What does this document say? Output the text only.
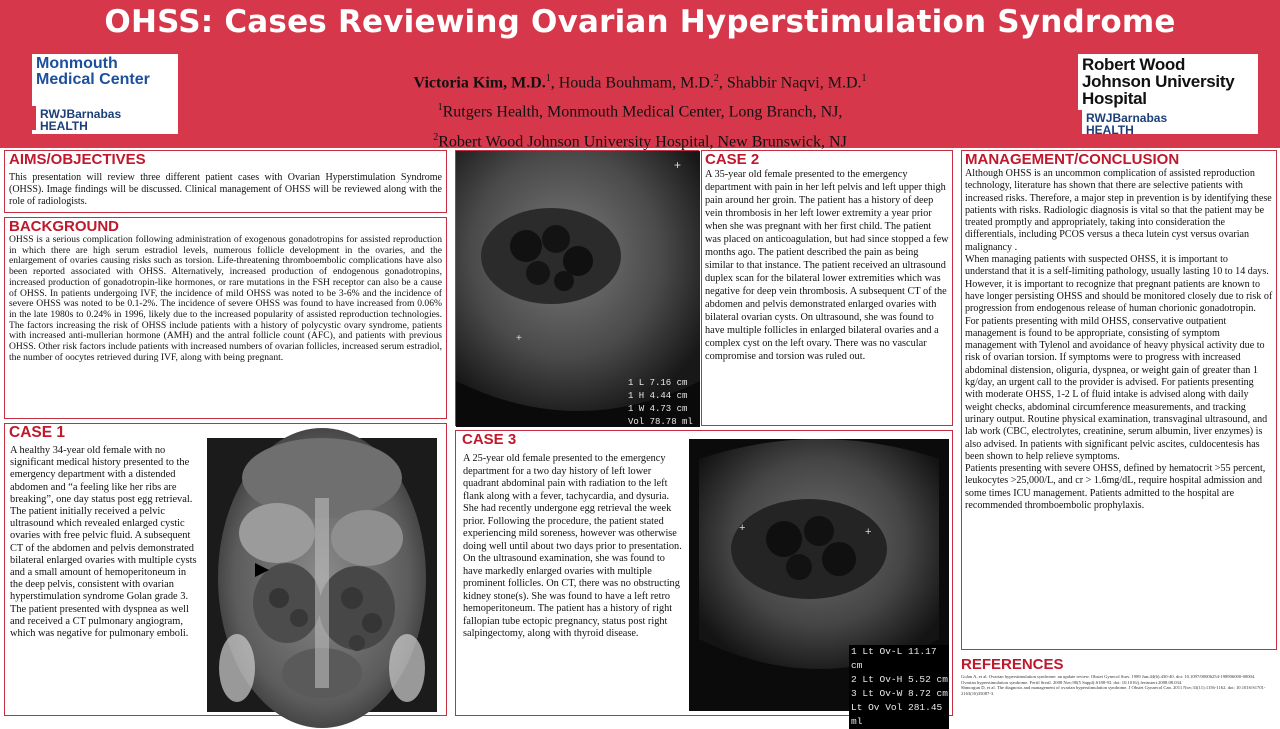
OHSS: Cases Reviewing Ovarian Hyperstimulation Syndrome
Monmouth Medical Center
RWJBarnabas HEALTH
Victoria Kim, M.D.$^1$, Houda Bouhmam, M.D.$^2$, Shabbir Naqvi, M.D.$^1$
$^1$Rutgers Health, Monmouth Medical Center, Long Branch, NJ,
$^2$Robert Wood Johnson University Hospital, New Brunswick, NJ
Robert Wood Johnson University Hospital
RWJBarnabas HEALTH
AIMS/OBJECTIVES

This presentation will review three different patient cases with Ovarian Hyperstimulation Syndrome (OHSS). Image findings will be discussed. Clinical management of OHSS will be reviewed along with the role of radiologists.

BACKGROUND

OHSS is a serious complication following administration of exogenous gonadotropins for assisted reproduction in which there are high serum estradiol levels, numerous follicle development in the ovaries, and the enlargement of ovaries causing risks such as torsion. Life-threatening thromboembolic complications have also been reported associated with OHSS. Alternatively, increased production of endogenous gonadotropins, increased production of gonadotropin-like hormones, or rare mutations in the FSH receptor can also be a cause of OHSS. In patients undergoing IVF, the incidence of mild OHSS was noted to be 3-6% and the incidence of severe OHSS was noted to be 0.1-2%. The incidence of severe OHSS was found to have increased from 0.06% in the late 1980s to 0.24% in 1996, likely due to the increased popularity of assisted reproduction technologies. The factors increasing the risk of OHSS include patients with a history of polycystic ovary syndrome, patients with increased anti-mullerian hormone (AMH) and the antral follicle count (AFC), and patients with previous OHSS. Other risk factors include patients with increased numbers of ovarian follicles, increased serum estradiol, the number of oocytes retrieved during IVF, along with being pregnant.

CASE 1

A healthy 34-year old female with no significant medical history presented to the emergency department with a distended abdomen and “a feeling like her ribs are breaking”, one day status post egg retrieval. The patient initially received a pelvic ultrasound which revealed enlarged cystic ovaries with free pelvic fluid. A subsequent CT of the abdomen and pelvis demonstrated bilateral enlarged ovaries with multiple cysts and a small amount of hemoperitoneum in the deep pelvis, consistent with ovarian hyperstimulation syndrome Golan grade 3. The patient presented with dyspnea as well and received a CT pulmonary angiogram, which was negative for pulmonary emboli.

+
+
1 L 7.16 cm
1 H 4.44 cm
1 W 4.73 cm
Vol 78.78 ml
CASE 2

A 35-year old female presented to the emergency department with pain in her left pelvis and left upper thigh pain around her groin. The patient has a history of deep vein thrombosis in her left lower extremity a year prior when she was pregnant with her first child. The patient was placed on anticoagulation, but had since stopped a few months ago. The patient described the pain as being similar to that instance. The patient received an ultrasound duplex scan for the bilateral lower extremities which was negative for deep vein thrombosis. A subsequent CT of the abdomen and pelvis demonstrated enlarged ovaries with bilateral ovarian cysts. On ultrasound, she was found to have multiple follicles in enlarged bilateral ovaries and a complex cyst on the left ovary. There was no vascular compromise and torsion was ruled out.

CASE 3

A 25-year old female presented to the emergency department for a two day history of left lower quadrant abdominal pain with radiation to the left flank along with a fever, tachycardia, and dysuria. She had recently undergone egg retrieval the week prior. Following the procedure, the patient stated experiencing mild soreness, however was otherwise doing well until about two days prior to presentation. On the ultrasound examination, she was found to have markedly enlarged ovaries with multiple prominent follicles. On CT, there was no obstructing kidney stone(s). She was found to have a left retro hemoperitoneum. The patient has a history of right fallopian tube ectopic pregnancy, status post right salpingectomy, along with thyroid disease.

+	+
1 Lt Ov-L 11.17 cm
2 Lt Ov-H 5.52 cm
3 Lt Ov-W 8.72 cm
Lt Ov Vol 281.45 ml
MANAGEMENT/CONCLUSION

Although OHSS is an uncommon complication of assisted reproduction technology, literature has shown that there are selective patients with increased risks. Therefore, a major step in prevention is by identifying these patients with risks. Radiologic diagnosis is vital so that the patient may be treated promptly and appropriately, taking into consideration the differentials, including PCOS versus a theca lutein cyst versus ovarian malignancy .

When managing patients with suspected OHSS, it is important to understand that it is a self-limiting pathology, usually lasting 10 to 14 days. However, it is important to recognize that pregnant patients are known to have longer persisting OHSS and should be monitored closely due to risk of progression from endogenous release of human chorionic gonadotropin.

For patients presenting with mild OHSS, conservative outpatient management is found to be appropriate, consisting of symptom management with Tylenol and avoidance of heavy physical activity due to risk of ovarian torsion. If symptoms were to progress with increased abdominal distension, oliguria, dyspnea, or weight gain of greater than 1 kg/day, an urgent call to the provider is advised. For patients presenting with moderate OHSS, 1-2 L of fluid intake is advised along with daily weight checks, abdominal circumference measurements, and tracking urinary output. Routine physical examination, transvaginal ultrasound, and lab work (CBC, electrolytes, creatinine, serum albumin, liver enzymes) is also advised. In patients with significant pelvic ascites, culdocentesis has been shown to help relieve symptoms.

Patients presenting with severe OHSS, defined by hematocrit >55 percent, leukocytes >25,000/L, and cr > 1.6mg/dL, require hospital admission and some times ICU management. Patients admitted to the hospital are recommended thromboembolic prophylaxis.

REFERENCES
Golan A, et al. Ovarian hyperstimulation syndrome: an update review. Obstet Gynecol Surv. 1989 Jun;44(6):430-40. doi: 10.1097/00006254-198906000-00004.
Ovarian hyperstimulation syndrome. Fertil Steril. 2008 Nov;90(5 Suppl):S188-93. doi: 10.1016/j.fertnstert.2008.08.034.
Shmorgun D, et al. The diagnosis and management of ovarian hyperstimulation syndrome. J Obstet Gynaecol Can. 2011 Nov;33(11):1156-1162. doi: 10.1016/S1701-2163(16)35087-3.
